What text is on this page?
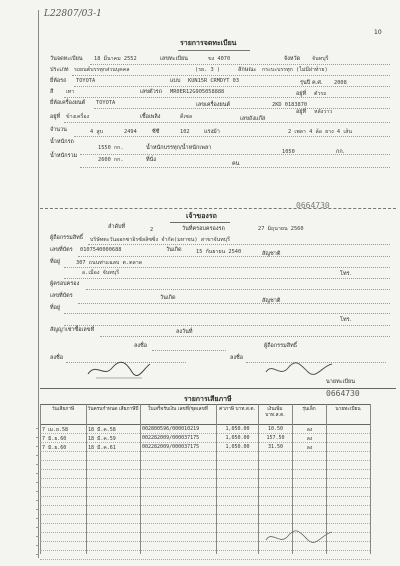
10
L22807/03-1
รายการจดทะเบียน
วันจดทะเบียน 18 มีนาคม 2552	เลขทะเบียน	ขง 4070	จังหวัด จันทบุรี
ประเภท รถยนต์บรรทุกส่วนบุคคล	(รย. 3 )	ลักษณะ กระบะบรรทุก (ไม่มีฝาท้าย)
ยี่ห้อรถ TOYOTA	แบบ KUN15R CRMDYT 03	รุ่นปี ค.ศ. 2008
สี เทา	เลขตัวรถ MR0ER12G905058888	อยู่ที่ ตัวรถ
ยี่ห้อเครื่องยนต์ TOYOTA	เลขเครื่องยนต์	2KD 0183870
อยู่ที่ หลังวาว
อยู่ที่ ข้างเครื่อง	เชื้อเพลิง	ดีเซล	เลขถังแก๊ส
จำนวน	4 สูบ	2494	ซีซี	102	แรงม้า	2 เพลา 4 ล้อ ยาง 4 เส้น
น้ำหนักรถ
1550 กก.	น้ำหนักบรรทุก/น้ำหนักเพลา
1050	กก.
น้ำหนักรวม
2600 กก.	ที่นั่ง
คน
0664730
เจ้าของรถ
ลำดับที่	2	วันที่ครอบครองรถ	27 มิถุนายน 2560
ผู้ถือกรรมสิทธิ์ บริษัทตะวันออกซาอิรซัลลิซซิ่ง จำกัด(มหาชน) สาขาจันทบุรี
เลขที่บัตร 0107540000688	วันเกิด	15 กันยายน 2540	สัญชาติ
ที่อยู่	307 ถนนท่าแฉลบ ต.ตลาด
อ.เมือง จันทบุรี	โทร.
ผู้ครอบครอง
เลขที่บัตร	วันเกิด	สัญชาติ
ที่อยู่
โทร.
สัญญาเช่าซื้อเลขที่	ลงวันที่
ลงชื่อ	ผู้ถือกรรมสิทธิ์
ลงชื่อ	ลงชื่อ
นายทะเบียน
0664730
รายการเสียภาษี
วันเสียภาษี	วันครบกำหนด เสียภาษีปี	ใบเสร็จรับเงิน เลขที่/ชุดเลขที่	ค่าภาษี บาท.ส.ต.	เงินเพิ่ม บาท.ส.ต.
รุ่นเล็ก	นายทะเบียน
7 เม.ย.58	18 มี.ค.58	002800596/000010219	1,050.00	10.50	ลง
7 มิ.ย.60	18 มี.ค.59	002282009/000037175	1,050.00	157.50	ลง
7 มิ.ย.60	18 มี.ค.61	002282009/000037175	1,050.00	31.50	ลง
